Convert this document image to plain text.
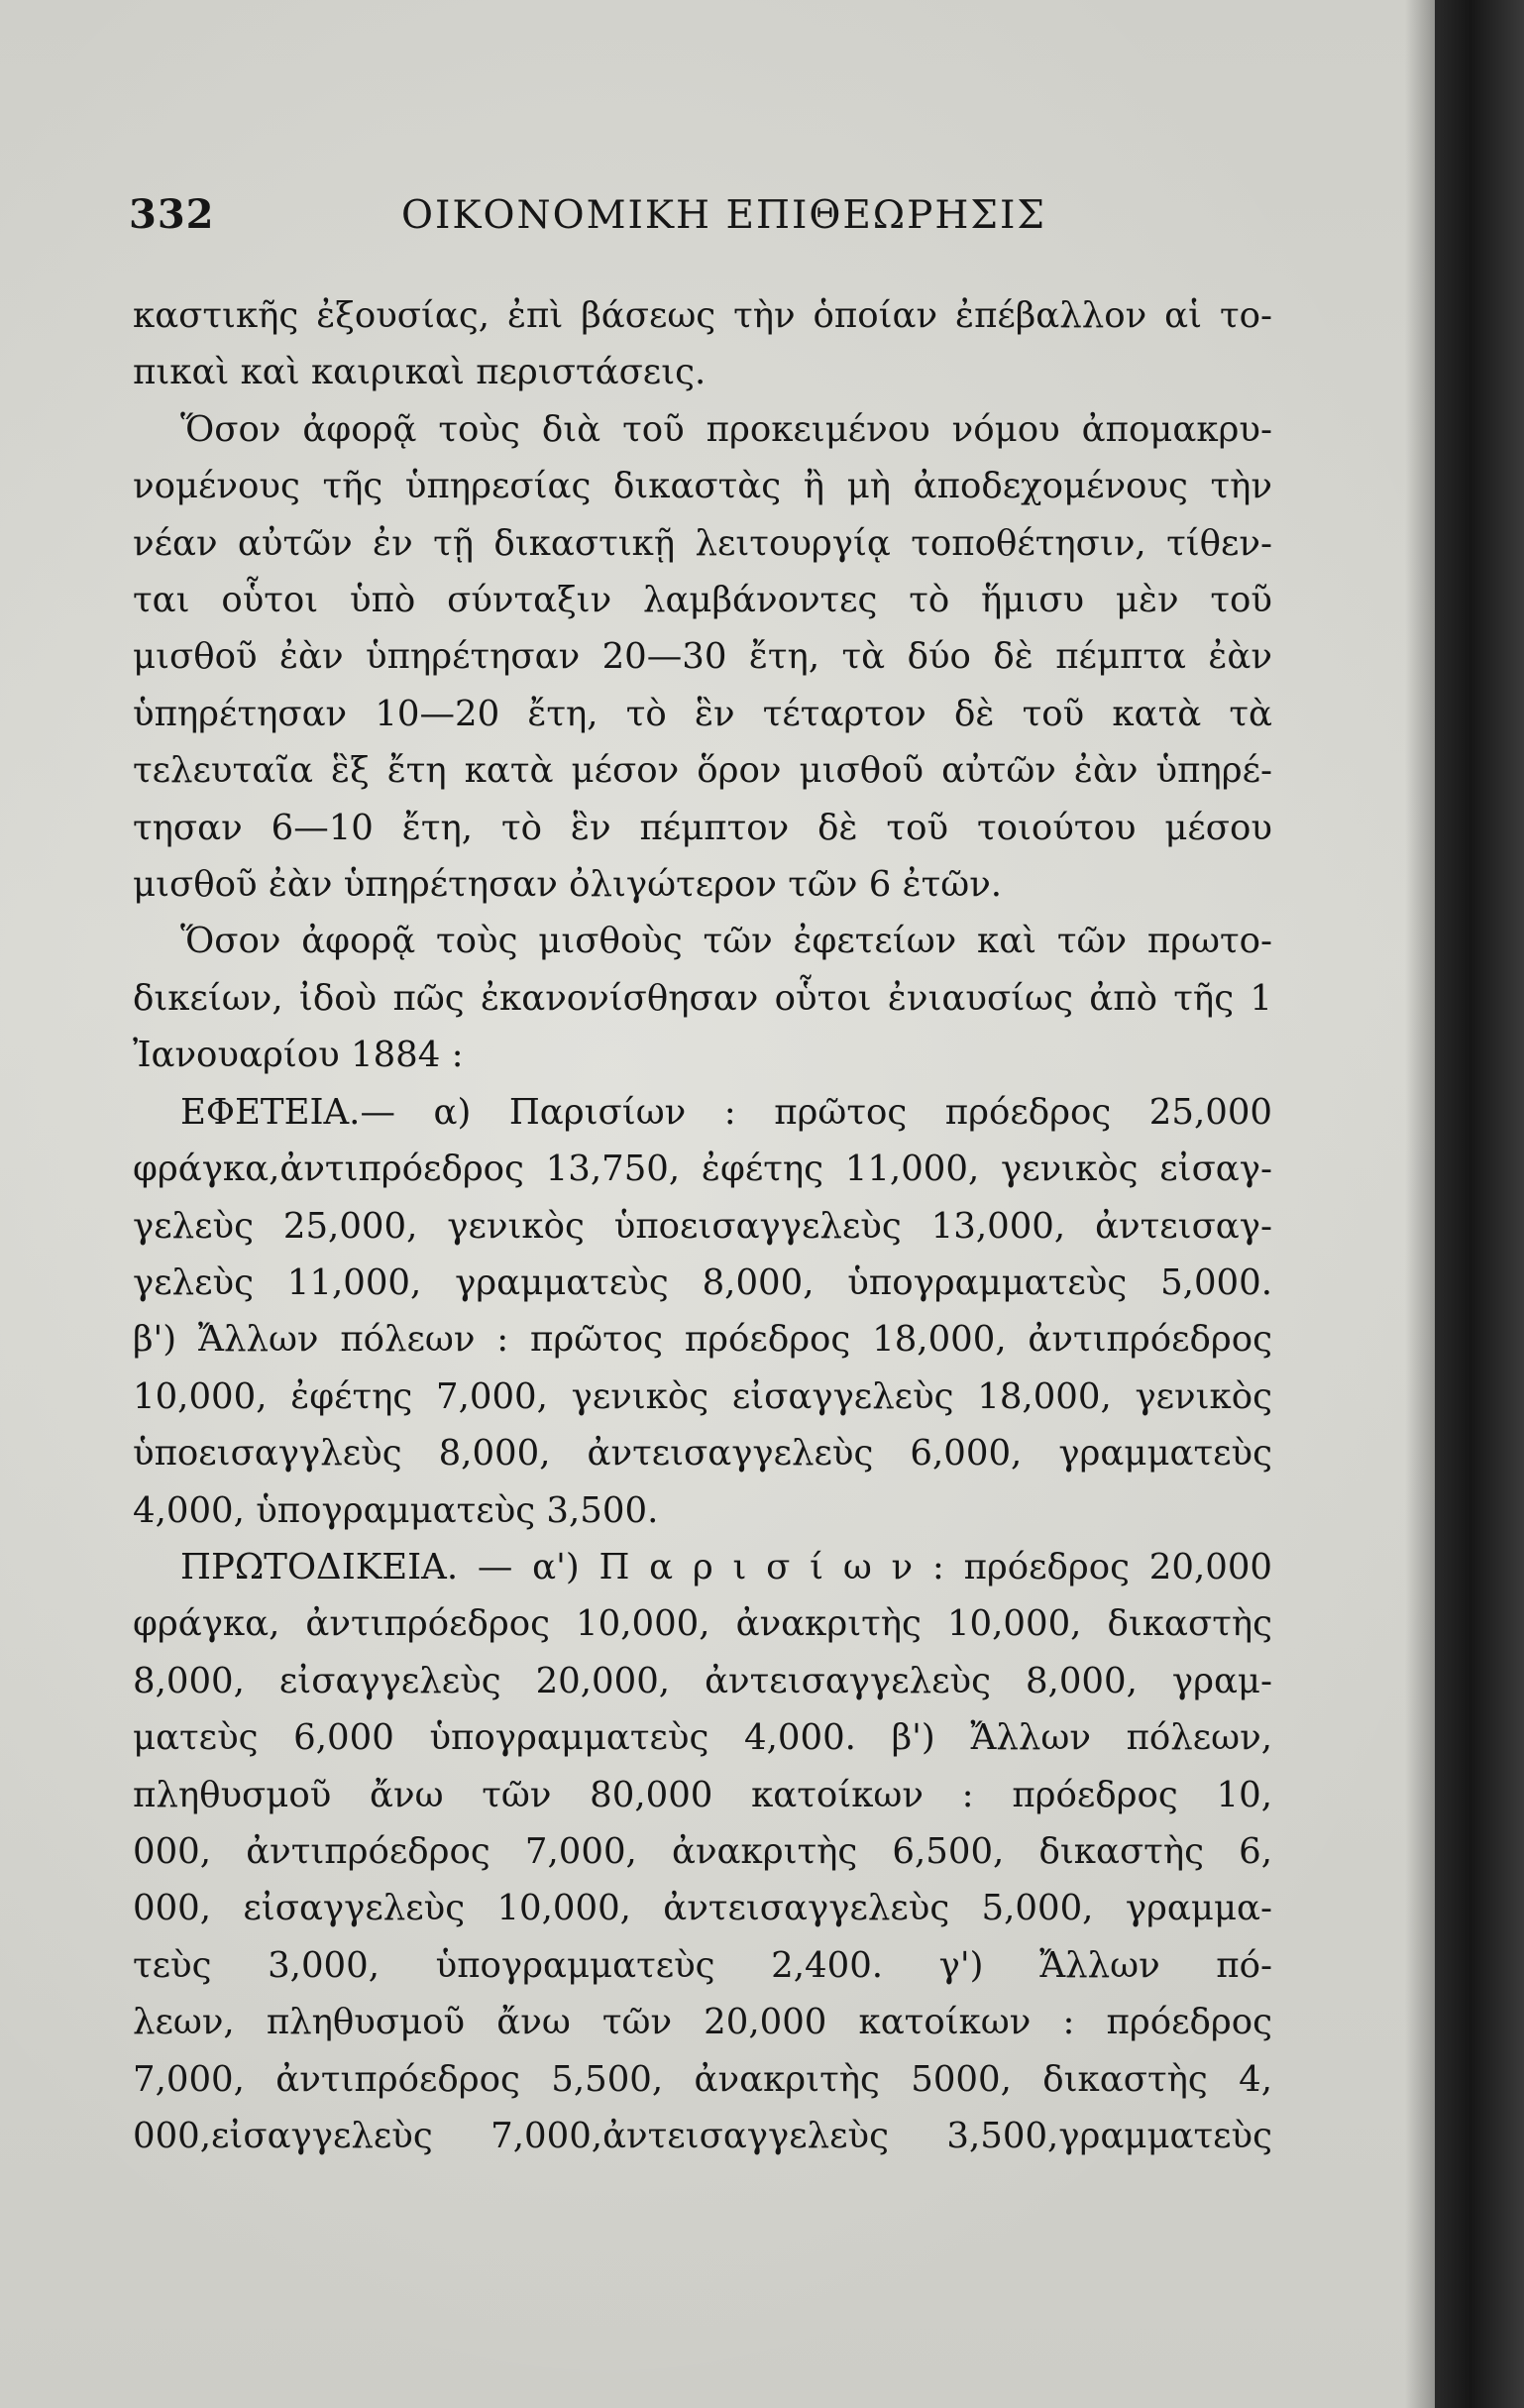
332	ΟΙΚΟΝΟΜΙΚΗ ΕΠΙΘΕΩΡΗΣΙΣ
καστικῆς ἐξουσίας, ἐπὶ βάσεως τὴν ὁποίαν ἐπέβαλλον αἱ το-
πικαὶ καὶ καιρικαὶ περιστάσεις.
Ὅσον ἀφορᾷ τοὺς διὰ τοῦ προκειμένου νόμου ἀπομακρυ-
νομένους τῆς ὑπηρεσίας δικαστὰς ἢ μὴ ἀποδεχομένους τὴν
νέαν αὐτῶν ἐν τῇ δικαστικῇ λειτουργίᾳ τοποθέτησιν, τίθεν-
ται οὗτοι ὑπὸ σύνταξιν λαμβάνοντες τὸ ἥμισυ μὲν τοῦ
μισθοῦ ἐὰν ὑπηρέτησαν 20—30 ἔτη, τὰ δύο δὲ πέμπτα ἐὰν
ὑπηρέτησαν 10—20 ἔτη, τὸ ἓν τέταρτον δὲ τοῦ κατὰ τὰ
τελευταῖα ἓξ ἔτη κατὰ μέσον ὅρον μισθοῦ αὐτῶν ἐὰν ὑπηρέ-
τησαν 6—10 ἔτη, τὸ ἓν πέμπτον δὲ τοῦ τοιούτου μέσου
μισθοῦ ἐὰν ὑπηρέτησαν ὀλιγώτερον τῶν 6 ἐτῶν.
Ὅσον ἀφορᾷ τοὺς μισθοὺς τῶν ἐφετείων καὶ τῶν πρωτο-
δικείων, ἰδοὺ πῶς ἐκανονίσθησαν οὗτοι ἐνιαυσίως ἀπὸ τῆς 1
Ἰανουαρίου 1884 :
ΕΦΕΤΕΙΑ.— α) Παρισίων : πρῶτος πρόεδρος 25,000
φράγκα,ἀντιπρόεδρος 13,750, ἐφέτης 11,000, γενικὸς εἰσαγ-
γελεὺς 25,000, γενικὸς ὑποεισαγγελεὺς 13,000, ἀντεισαγ-
γελεὺς 11,000, γραμματεὺς 8,000, ὑπογραμματεὺς 5,000.
β') Ἄλλων πόλεων : πρῶτος πρόεδρος 18,000, ἀντιπρόεδρος
10,000, ἐφέτης 7,000, γενικὸς εἰσαγγελεὺς 18,000, γενικὸς
ὑποεισαγγλεὺς 8,000, ἀντεισαγγελεὺς 6,000, γραμματεὺς
4,000, ὑπογραμματεὺς 3,500.
ΠΡΩΤΟΔΙΚΕΙΑ. — α') Π α ρ ι σ ί ω ν : πρόεδρος 20,000
φράγκα, ἀντιπρόεδρος 10,000, ἀνακριτὴς 10,000, δικαστὴς
8,000, εἰσαγγελεὺς 20,000, ἀντεισαγγελεὺς 8,000, γραμ-
ματεὺς 6,000 ὑπογραμματεὺς 4,000. β') Ἄλλων πόλεων,
πληθυσμοῦ ἄνω τῶν 80,000 κατοίκων : πρόεδρος 10,
000, ἀντιπρόεδρος 7,000, ἀνακριτὴς 6,500, δικαστὴς 6,
000, εἰσαγγελεὺς 10,000, ἀντεισαγγελεὺς 5,000, γραμμα-
τεὺς 3,000, ὑπογραμματεὺς 2,400. γ') Ἄλλων πό-
λεων, πληθυσμοῦ ἄνω τῶν 20,000 κατοίκων : πρόεδρος
7,000, ἀντιπρόεδρος 5,500, ἀνακριτὴς 5000, δικαστὴς 4,
000,εἰσαγγελεὺς 7,000,ἀντεισαγγελεὺς 3,500,γραμματεὺς
